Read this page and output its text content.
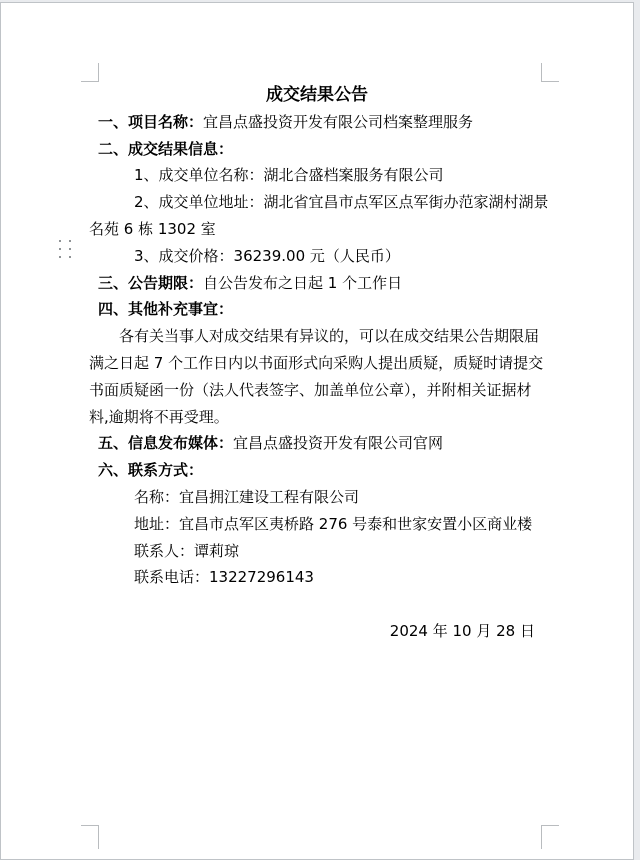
成交结果公告

一、项目名称：宜昌点盛投资开发有限公司档案整理服务

二、成交结果信息：

1、成交单位名称：湖北合盛档案服务有限公司

2、成交单位地址：湖北省宜昌市点军区点军街办范家湖村湖景

名苑 6 栋 1302 室

3、成交价格：36239.00 元（人民币）

三、公告期限：自公告发布之日起 1 个工作日

四、其他补充事宜：

各有关当事人对成交结果有异议的，可以在成交结果公告期限届

满之日起 7 个工作日内以书面形式向采购人提出质疑，质疑时请提交

书面质疑函一份（法人代表签字、加盖单位公章），并附相关证据材

料,逾期将不再受理。

五、信息发布媒体：宜昌点盛投资开发有限公司官网

六、联系方式：

名称：宜昌拥江建设工程有限公司

地址：宜昌市点军区夷桥路 276 号泰和世家安置小区商业楼

联系人：谭莉琼

联系电话：13227296143

2024 年 10 月 28 日
